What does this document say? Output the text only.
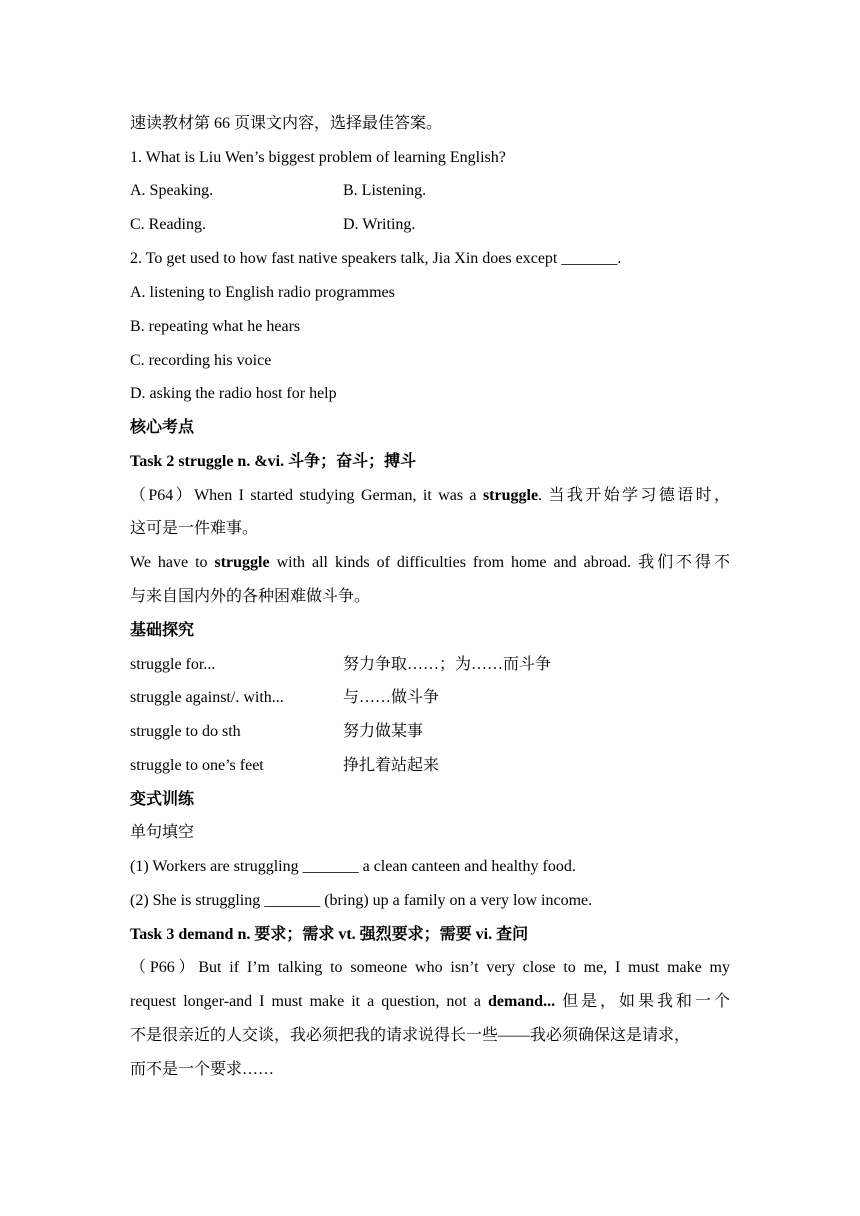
速读教材第 66 页课文内容，选择最佳答案。
1. What is Liu Wen’s biggest problem of learning English?
A. Speaking.	B. Listening.
C. Reading.	D. Writing.
2. To get used to how fast native speakers talk, Jia Xin does except _______.
A. listening to English radio programmes
B. repeating what he hears
C. recording his voice
D. asking the radio host for help
核心考点
Task 2 struggle n. &vi. 斗争；奋斗；搏斗
（P64）When I started studying German, it was a struggle. 当我开始学习德语时，
这可是一件难事。
We have to struggle with all kinds of difficulties from home and abroad. 我们不得不
与来自国内外的各种困难做斗争。
基础探究
struggle for...	努力争取……；为……而斗争
struggle against/. with...	与……做斗争
struggle to do sth	努力做某事
struggle to one’s feet	挣扎着站起来
变式训练
单句填空
(1) Workers are struggling _______ a clean canteen and healthy food.
(2) She is struggling _______ (bring) up a family on a very low income.
Task 3 demand n. 要求；需求 vt. 强烈要求；需要 vi. 查问
（P66）But if I’m talking to someone who isn’t very close to me, I must make my
request longer-and I must make it a question, not a demand... 但是，如果我和一个
不是很亲近的人交谈，我必须把我的请求说得长一些——我必须确保这是请求，
而不是一个要求……
